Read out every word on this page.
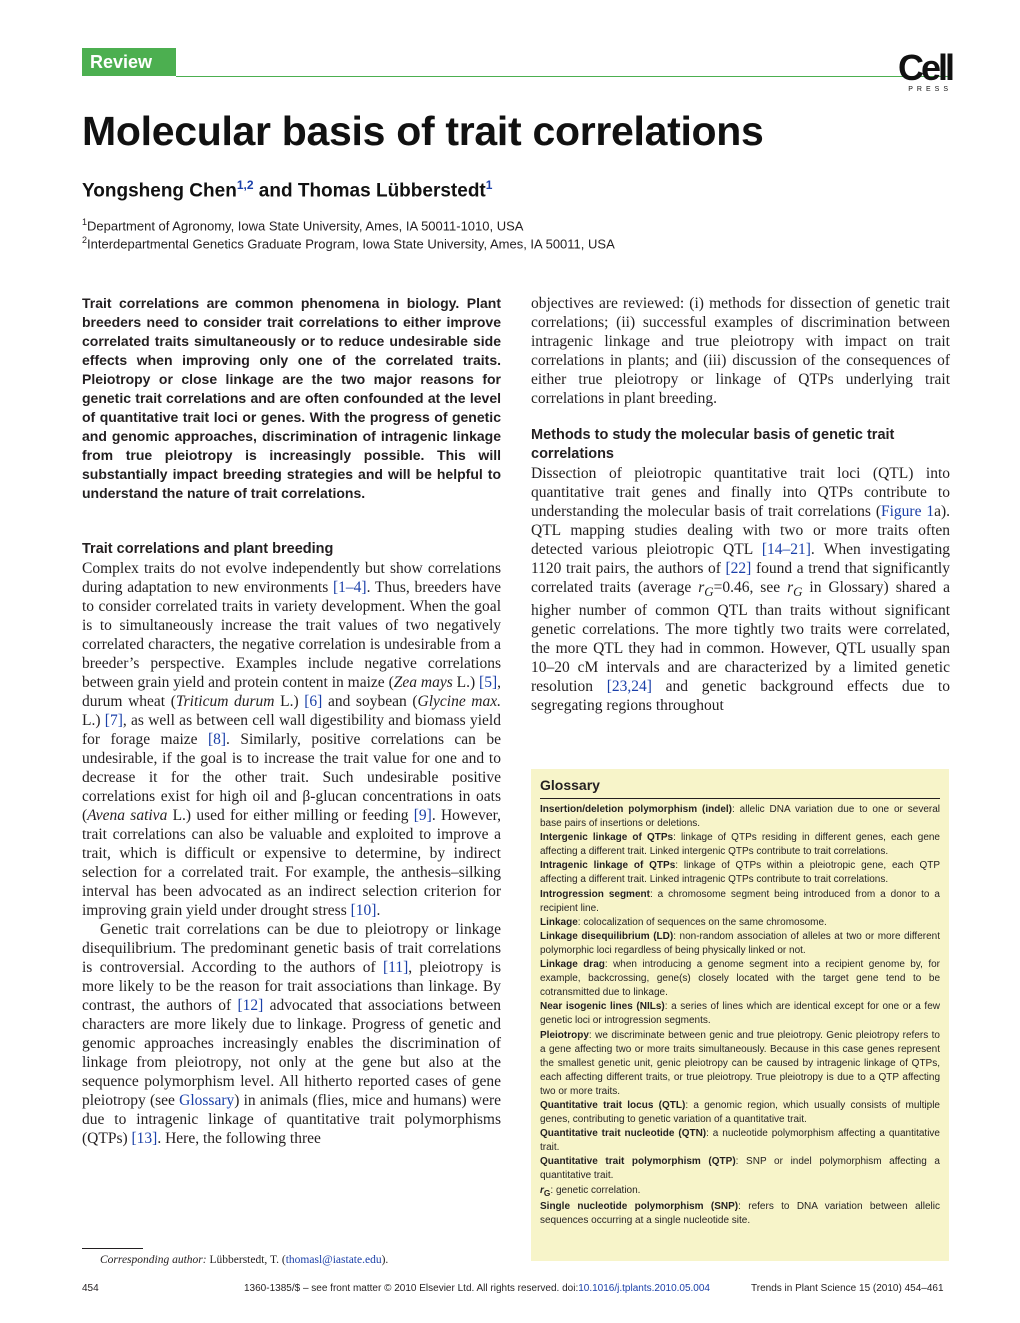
Review	Cell
PRESS
Molecular basis of trait correlations
Yongsheng Chen$^{1,2}$ and Thomas Lübberstedt$^1$
$^1$Department of Agronomy, Iowa State University, Ames, IA 50011-1010, USA
$^2$Interdepartmental Genetics Graduate Program, Iowa State University, Ames, IA 50011, USA
Trait correlations are common phenomena in biology. Plant breeders need to consider trait correlations to either improve correlated traits simultaneously or to reduce undesirable side effects when improving only one of the correlated traits. Pleiotropy or close linkage are the two major reasons for genetic trait correlations and are often confounded at the level of quantitative trait loci or genes. With the progress of genetic and genomic approaches, discrimination of intragenic linkage from true pleiotropy is increasingly possible. This will substantially impact breeding strategies and will be helpful to understand the nature of trait correlations.
Trait correlations and plant breeding

Complex traits do not evolve independently but show correlations during adaptation to new environments [1–4]. Thus, breeders have to consider correlated traits in variety development. When the goal is to simultaneously increase the trait values of two negatively correlated characters, the negative correlation is undesirable from a breeder’s perspective. Examples include negative correlations between grain yield and protein content in maize (Zea mays L.) [5], durum wheat (Triticum durum L.) [6] and soybean (Glycine max. L.) [7], as well as between cell wall digestibility and biomass yield for forage maize [8]. Similarly, positive correlations can be undesirable, if the goal is to increase the trait value for one and to decrease it for the other trait. Such undesirable positive correlations exist for high oil and β-glucan concentrations in oats (Avena sativa L.) used for either milling or feeding [9]. However, trait correlations can also be valuable and exploited to improve a trait, which is difficult or expensive to determine, by indirect selection for a correlated trait. For example, the anthesis–silking interval has been advocated as an indirect selection criterion for improving grain yield under drought stress [10].

Genetic trait correlations can be due to pleiotropy or linkage disequilibrium. The predominant genetic basis of trait correlations is controversial. According to the authors of [11], pleiotropy is more likely to be the reason for trait associations than linkage. By contrast, the authors of [12] advocated that associations between characters are more likely due to linkage. Progress of genetic and genomic approaches increasingly enables the discrimination of linkage from pleiotropy, not only at the gene but also at the sequence polymorphism level. All hitherto reported cases of gene pleiotropy (see Glossary) in animals (flies, mice and humans) were due to intragenic linkage of quantitative trait polymorphisms (QTPs) [13]. Here, the following three

objectives are reviewed: (i) methods for dissection of genetic trait correlations; (ii) successful examples of discrimination between intragenic linkage and true pleiotropy with impact on trait correlations in plants; and (iii) discussion of the consequences of either true pleiotropy or linkage of QTPs underlying trait correlations in plant breeding.

Methods to study the molecular basis of genetic trait correlations

Dissection of pleiotropic quantitative trait loci (QTL) into quantitative trait genes and finally into QTPs contribute to understanding the molecular basis of trait correlations (Figure 1a). QTL mapping studies dealing with two or more traits often detected various pleiotropic QTL [14–21]. When investigating 1120 trait pairs, the authors of [22] found a trend that significantly correlated traits (average $r_G=0.46$, see $r_G$ in Glossary) shared a higher number of common QTL than traits without significant genetic correlations. The more tightly two traits were correlated, the more QTL they had in common. However, QTL usually span 10–20 cM intervals and are characterized by a limited genetic resolution [23,24] and genetic background effects due to segregating regions throughout

Glossary
Insertion/deletion polymorphism (indel): allelic DNA variation due to one or several base pairs of insertions or deletions.
Intergenic linkage of QTPs: linkage of QTPs residing in different genes, each gene affecting a different trait. Linked intergenic QTPs contribute to trait correlations.
Intragenic linkage of QTPs: linkage of QTPs within a pleiotropic gene, each QTP affecting a different trait. Linked intragenic QTPs contribute to trait correlations.
Introgression segment: a chromosome segment being introduced from a donor to a recipient line.
Linkage: colocalization of sequences on the same chromosome.
Linkage disequilibrium (LD): non-random association of alleles at two or more different polymorphic loci regardless of being physically linked or not.
Linkage drag: when introducing a genome segment into a recipient genome by, for example, backcrossing, gene(s) closely located with the target gene tend to be cotransmitted due to linkage.
Near isogenic lines (NILs): a series of lines which are identical except for one or a few genetic loci or introgression segments.
Pleiotropy: we discriminate between genic and true pleiotropy. Genic pleiotropy refers to a gene affecting two or more traits simultaneously. Because in this case genes represent the smallest genetic unit, genic pleiotropy can be caused by intragenic linkage of QTPs, each affecting different traits, or true pleiotropy. True pleiotropy is due to a QTP affecting two or more traits.
Quantitative trait locus (QTL): a genomic region, which usually consists of multiple genes, contributing to genetic variation of a quantitative trait.
Quantitative trait nucleotide (QTN): a nucleotide polymorphism affecting a quantitative trait.
Quantitative trait polymorphism (QTP): SNP or indel polymorphism affecting a quantitative trait.
$r_G$: genetic correlation.
Single nucleotide polymorphism (SNP): refers to DNA variation between allelic sequences occurring at a single nucleotide site.
Corresponding author: Lübberstedt, T. (thomasl@iastate.edu).
454	1360-1385/$ – see front matter © 2010 Elsevier Ltd. All rights reserved. doi:10.1016/j.tplants.2010.05.004	Trends in Plant Science 15 (2010) 454–461
